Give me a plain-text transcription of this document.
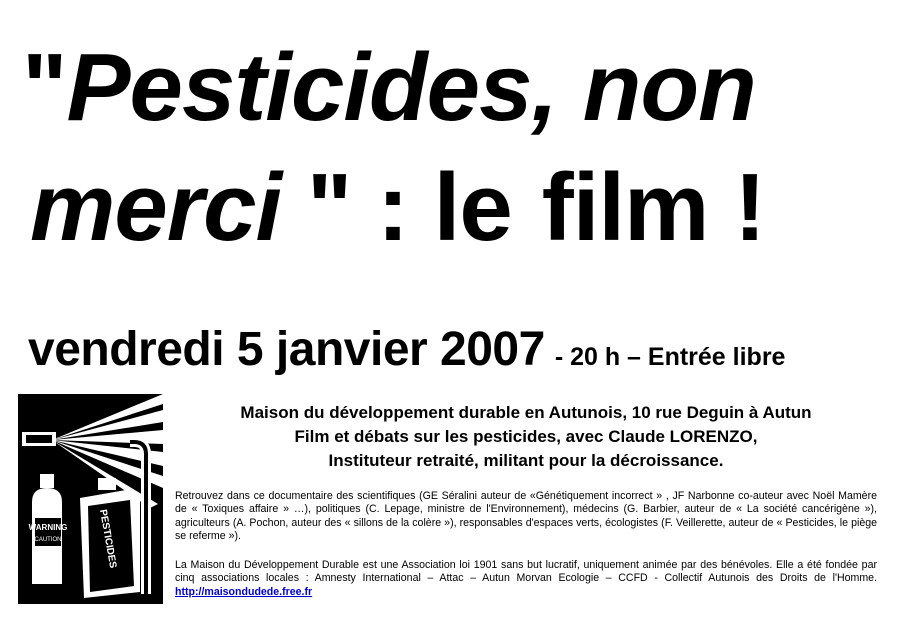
"Pesticides, non
merci " : le film !
vendredi 5 janvier 2007 - 20 h – Entrée libre
WARNING
CAUTION	PESTICIDES
Maison du développement durable en Autunois, 10 rue Deguin à Autun
Film et débats sur les pesticides, avec Claude LORENZO,
Instituteur retraité, militant pour la décroissance.
Retrouvez dans ce documentaire des scientifiques (GE Séralini auteur de «Génétiquement incorrect » , JF Narbonne co-auteur avec Noël Mamère de « Toxiques affaire » …), politiques (C. Lepage, ministre de l'Environnement), médecins (G. Barbier, auteur de « La société cancérigène »), agriculteurs (A. Pochon, auteur des « sillons de la colère »), responsables d'espaces verts, écologistes (F. Veillerette, auteur de « Pesticides, le piège se referme »).
La Maison du Développement Durable est une Association loi 1901 sans but lucratif, uniquement animée par des bénévoles. Elle a été fondée par cinq associations locales : Amnesty International – Attac – Autun Morvan Ecologie – CCFD - Collectif Autunois des Droits de l'Homme. http://maisondudede.free.fr
